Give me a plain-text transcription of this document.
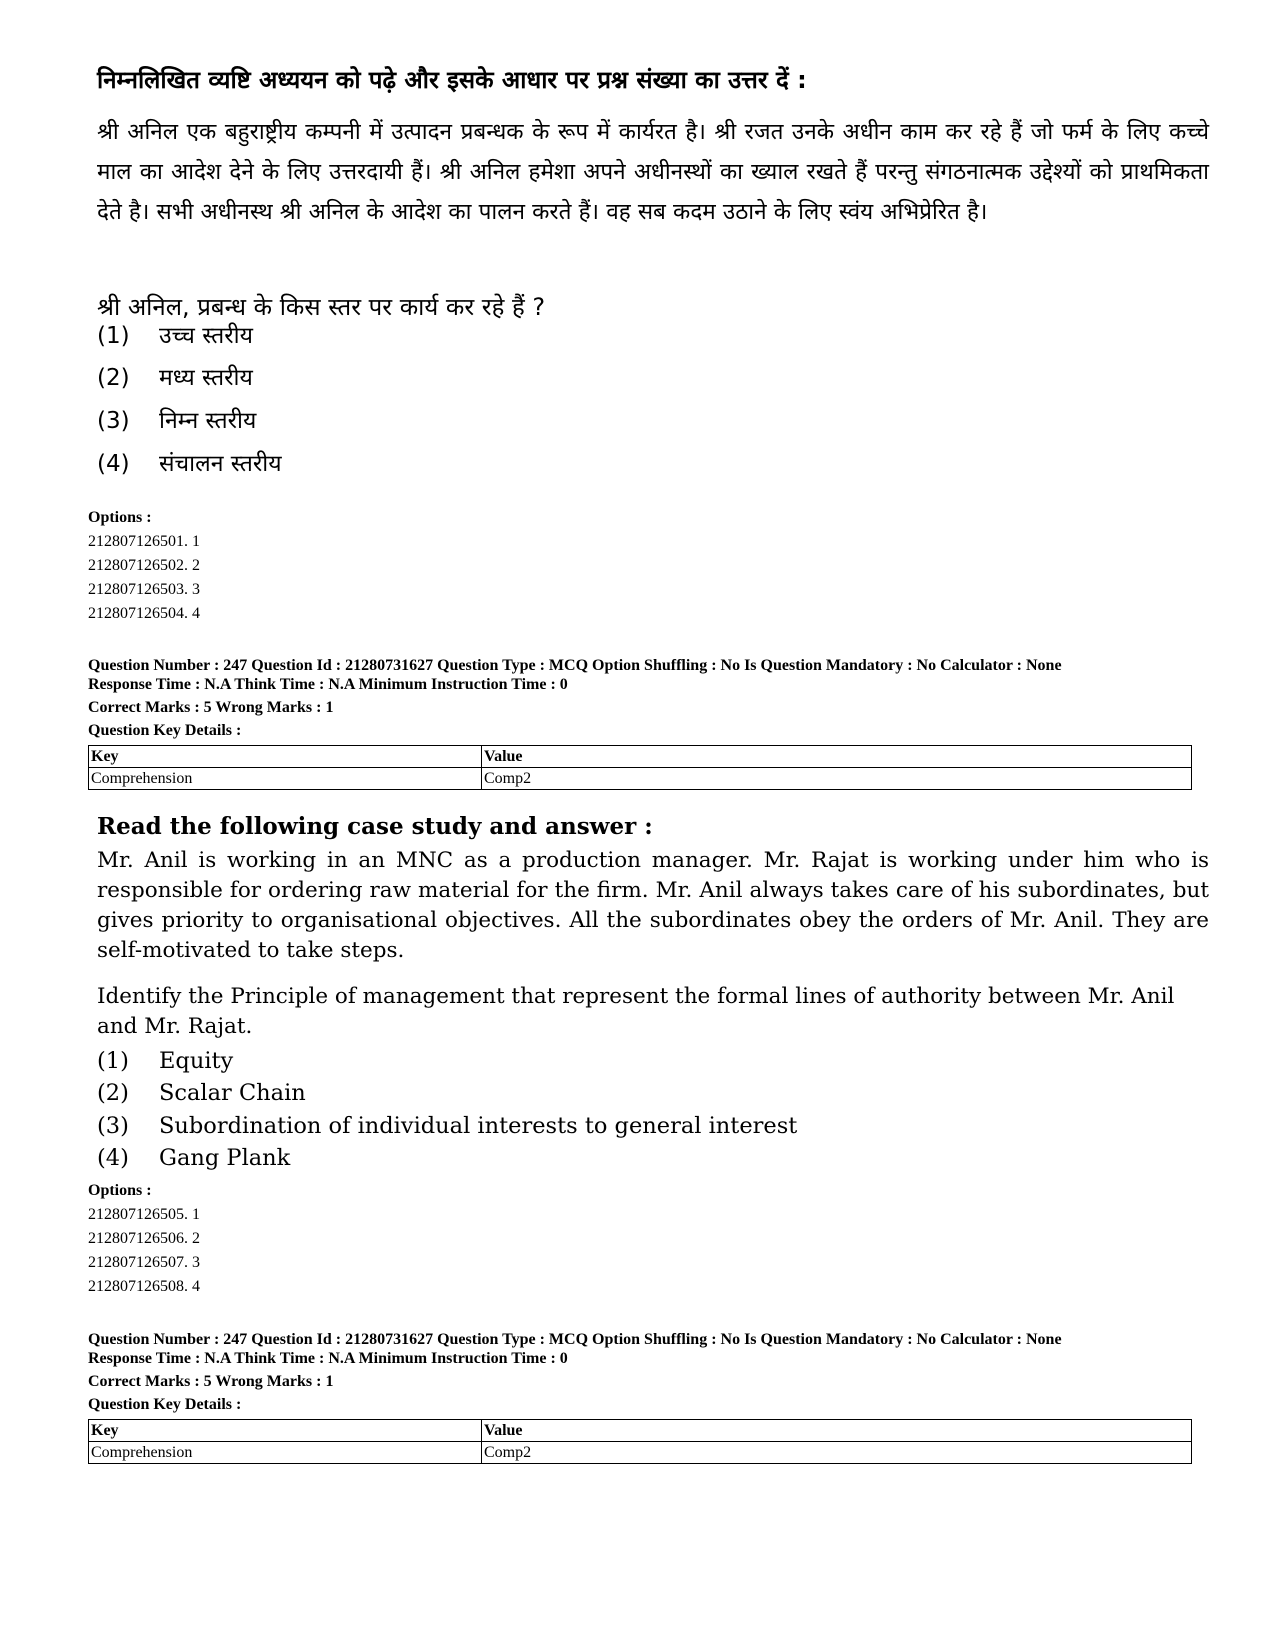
निम्नलिखित व्यष्टि अध्ययन को पढ़े और इसके आधार पर प्रश्न संख्या का उत्तर दें :
श्री अनिल एक बहुराष्ट्रीय कम्पनी में उत्पादन प्रबन्धक के रूप में कार्यरत है। श्री रजत उनके अधीन काम कर रहे हैं जो फर्म के लिए कच्चे माल का आदेश देने के लिए उत्तरदायी हैं। श्री अनिल हमेशा अपने अधीनस्थों का ख्याल रखते हैं परन्तु संगठनात्मक उद्देश्यों को प्राथमिकता देते है। सभी अधीनस्थ श्री अनिल के आदेश का पालन करते हैं। वह सब कदम उठाने के लिए स्वंय अभिप्रेरित है।
श्री अनिल, प्रबन्ध के किस स्तर पर कार्य कर रहे हैं ?
(1) उच्च स्तरीय
(2) मध्य स्तरीय
(3) निम्न स्तरीय
(4) संचालन स्तरीय
Options :
212807126501. 1
212807126502. 2
212807126503. 3
212807126504. 4
Question Number : 247 Question Id : 21280731627 Question Type : MCQ Option Shuffling : No Is Question Mandatory : No Calculator : None
Response Time : N.A Think Time : N.A Minimum Instruction Time : 0
Correct Marks : 5 Wrong Marks : 1
Question Key Details :
Key	Value
Comprehension	Comp2
Read the following case study and answer :
Mr. Anil is working in an MNC as a production manager. Mr. Rajat is working under him who is responsible for ordering raw material for the firm. Mr. Anil always takes care of his subordinates, but gives priority to organisational objectives. All the subordinates obey the orders of Mr. Anil. They are self-motivated to take steps.
Identify the Principle of management that represent the formal lines of authority between Mr. Anil and Mr. Rajat.
(1) Equity
(2) Scalar Chain
(3) Subordination of individual interests to general interest
(4) Gang Plank
Options :
212807126505. 1
212807126506. 2
212807126507. 3
212807126508. 4
Question Number : 247 Question Id : 21280731627 Question Type : MCQ Option Shuffling : No Is Question Mandatory : No Calculator : None
Response Time : N.A Think Time : N.A Minimum Instruction Time : 0
Correct Marks : 5 Wrong Marks : 1
Question Key Details :
Key	Value
Comprehension	Comp2
